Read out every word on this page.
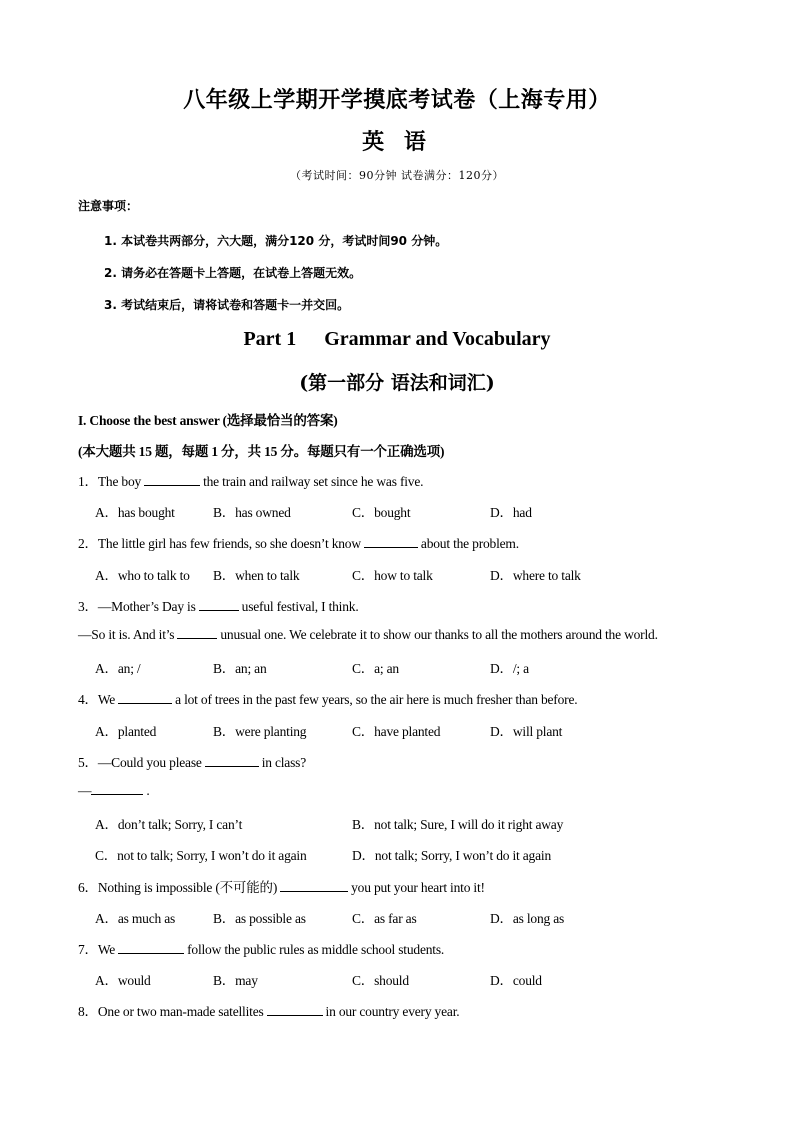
八年级上学期开学摸底考试卷（上海专用）
英 语
（考试时间：90分钟 试卷满分：120分）
注意事项：
1. 本试卷共两部分，六大题，满分120 分，考试时间90 分钟。
2. 请务必在答题卡上答题，在试卷上答题无效。
3. 考试结束后，请将试卷和答题卡一并交回。
Part 1 Grammar and Vocabulary
(第一部分 语法和词汇)
I. Choose the best answer (选择最恰当的答案)
(本大题共 15 题，每题 1 分，共 15 分。每题只有一个正确选项)
1．The boy	the train and railway set since he was five.
A．has bought	B．has owned	C．bought	D．had
2．The little girl has few friends, so she doesn’t know	about the problem.
A．who to talk to B．when to talk	C．how to talk	D．where to talk
3．—Mother’s Day is	useful festival, I think.
—So it is. And it’s	unusual one. We celebrate it to show our thanks to all the mothers around the world.
A．an; /	B．an; an	C．a; an	D．/; a
4．We	a lot of trees in the past few years, so the air here is much fresher than before.
A．planted	B．were planting	C．have planted	D．will plant
5．—Could you please	in class?
—	.
A．don’t talk; Sorry, I can’t	B．not talk; Sure, I will do it right away
C．not to talk; Sorry, I won’t do it again	D．not talk; Sorry, I won’t do it again
6．Nothing is impossible (不可能的)	you put your heart into it!
A．as much as	B．as possible as	C．as far as	D．as long as
7．We	follow the public rules as middle school students.
A．would	B．may	C．should	D．could
8．One or two man-made satellites	in our country every year.
